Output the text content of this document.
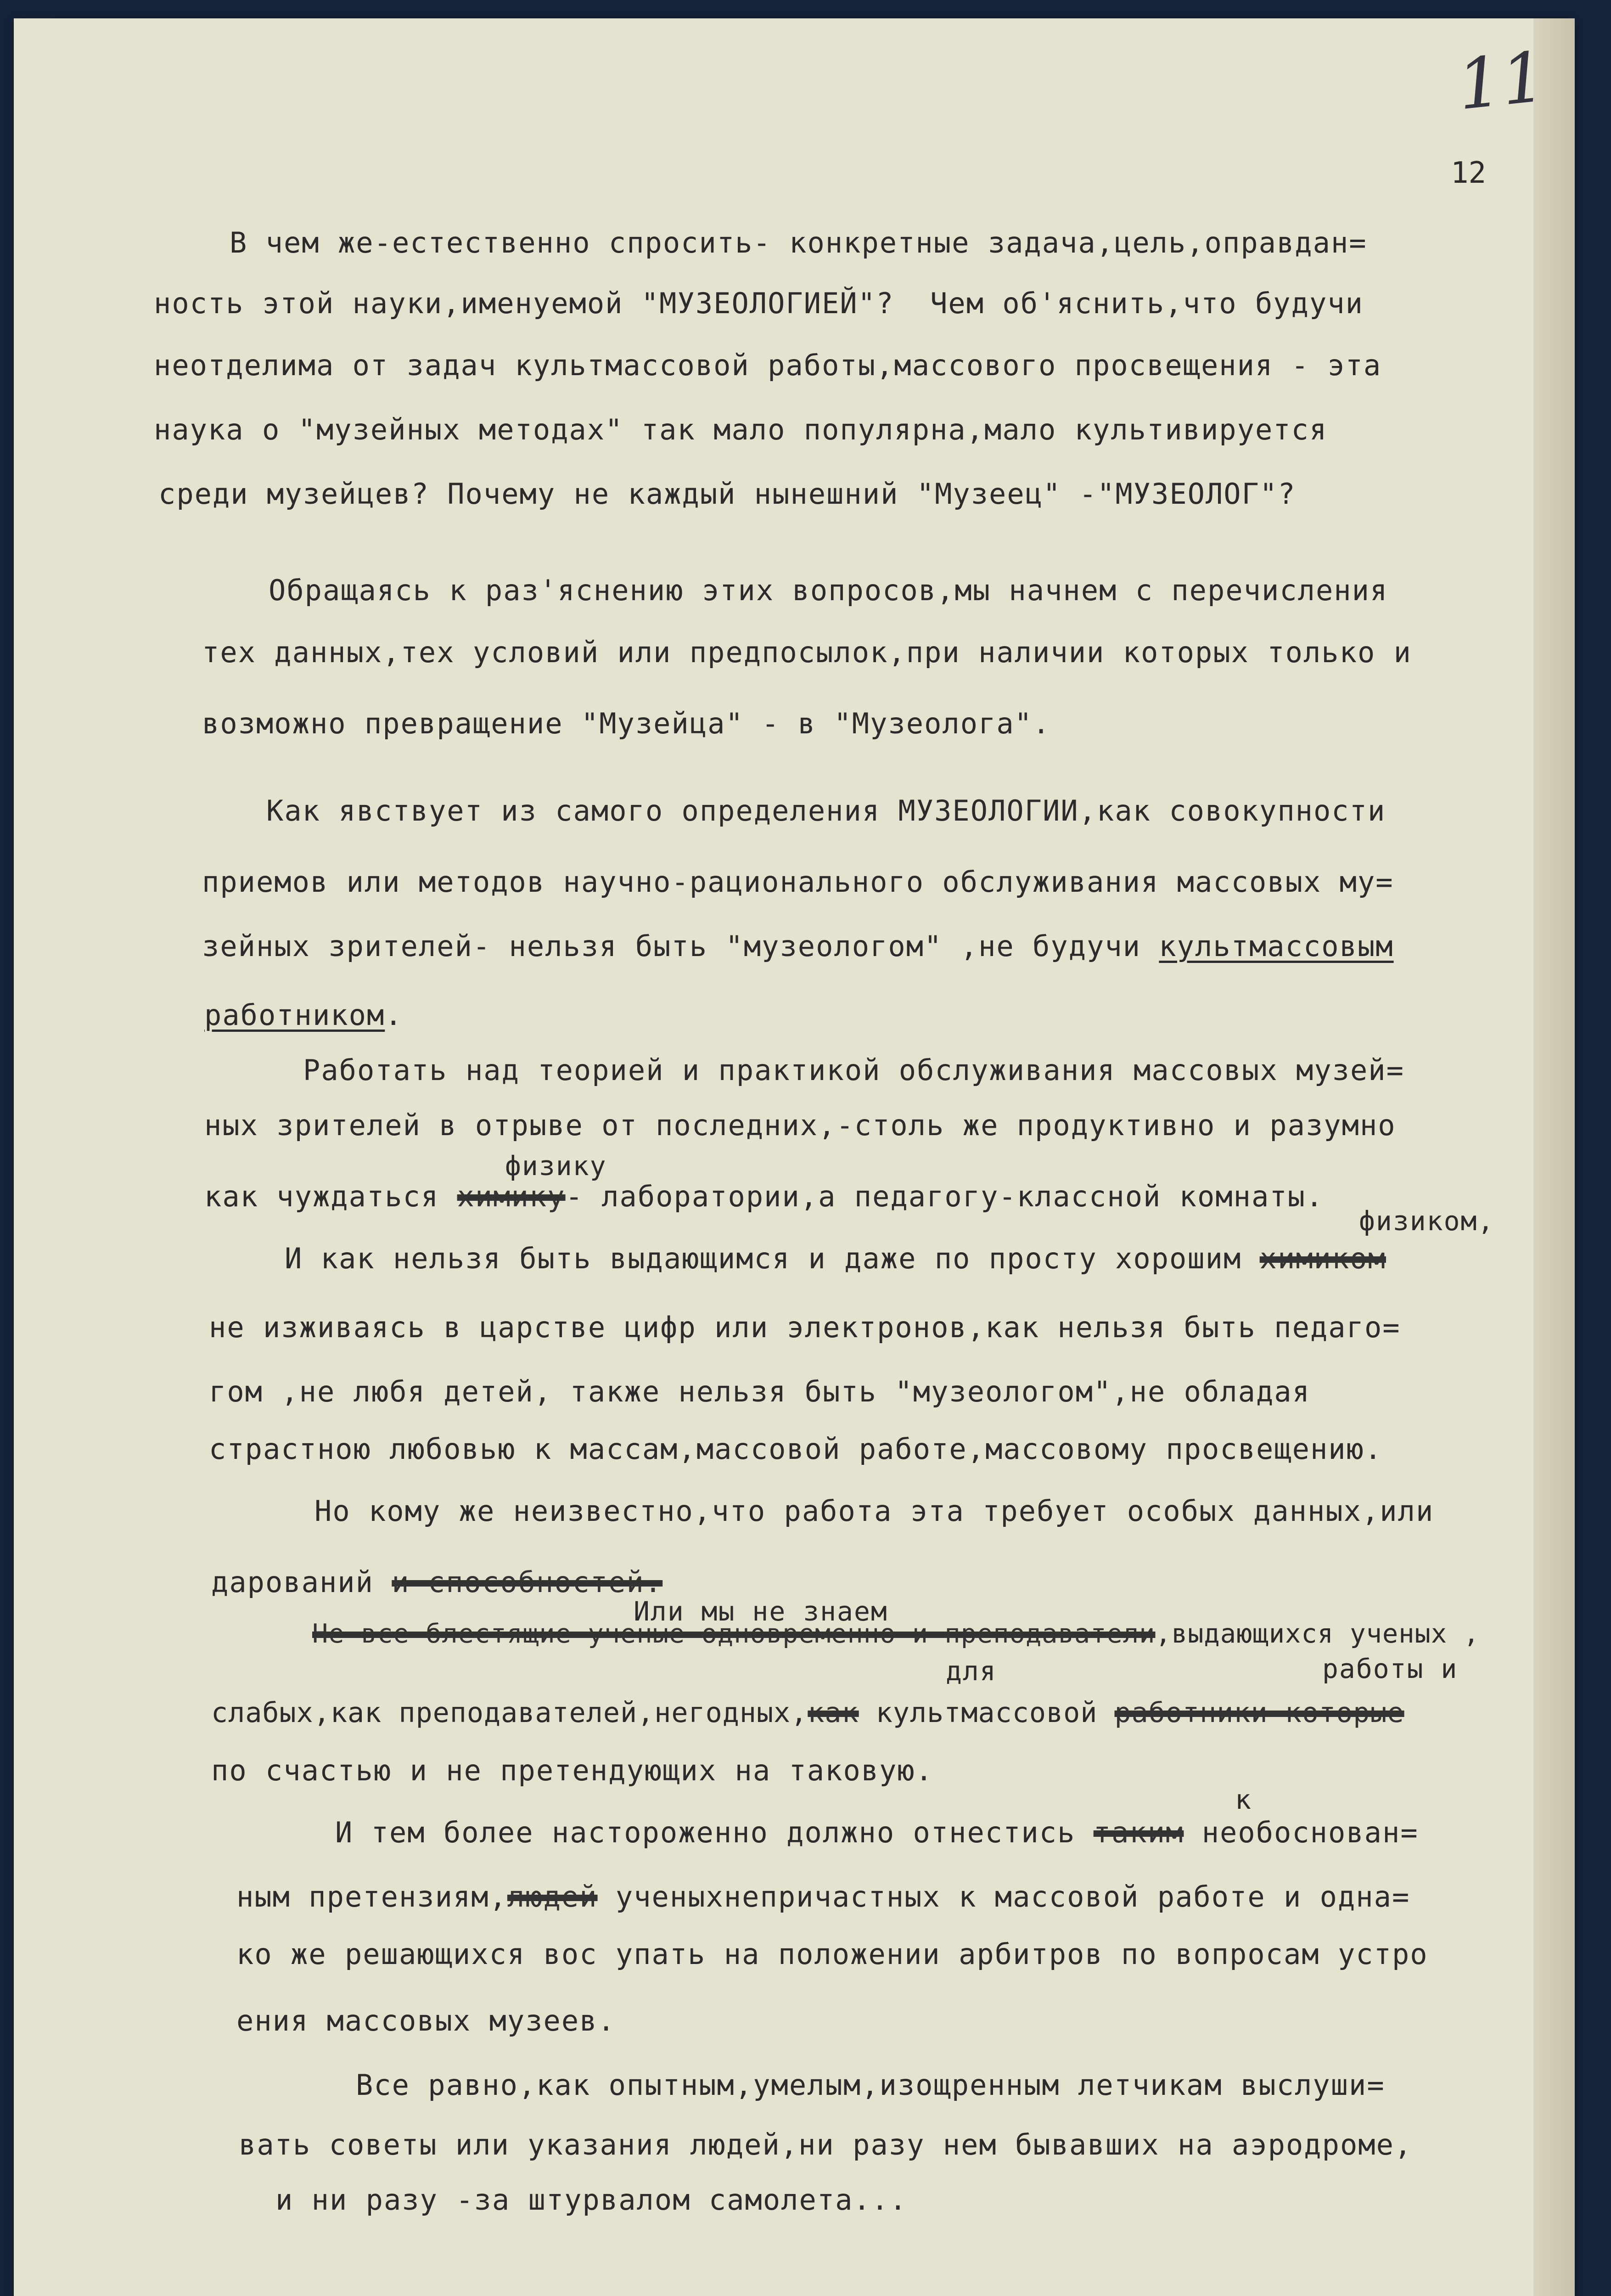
11
12
В чем же-естественно спросить- конкретные задача,цель,оправдан=
ность этой науки,именуемой "МУЗЕОЛОГИЕЙ"?  Чем об'яснить,что будучи
неотделима от задач культмассовой работы,массового просвещения - эта
наука о "музейных методах" так мало популярна,мало культивируется
среди музейцев? Почему не каждый нынешний "Музеец" -"МУЗЕОЛОГ"?
Обращаясь к раз'яснению этих вопросов,мы начнем с перечисления
тех данных,тех условий или предпосылок,при наличии которых только и
возможно превращение "Музейца" - в "Музеолога".
Как явствует из самого определения МУЗЕОЛОГИИ,как совокупности
приемов или методов научно-рационального обслуживания массовых му=
зейных зрителей- нельзя быть "музеологом" ,не будучи культмассовым
работником.
Работать над теорией и практикой обслуживания массовых музей=
ных зрителей в отрыве от последних,-столь же продуктивно и разумно
физику
как чуждаться химику- лаборатории,а педагогу-классной комнаты.
физиком,
И как нельзя быть выдающимся и даже по просту хорошим химиком
не изживаясь в царстве цифр или электронов,как нельзя быть педаго=
гом ,не любя детей, также нельзя быть "музеологом",не обладая
страстною любовью к массам,массовой работе,массовому просвещению.
Но кому же неизвестно,что работа эта требует особых данных,или
дарований и способностей.
Или мы не знаем
Не все блестящие ученые одновременно и преподаватели,выдающихся ученых ,
для	работы и
слабых,как преподавателей,негодных,как культмассовой работники которые
по счастью и не претендующих на таковую.
к
И тем более настороженно должно отнестись таким необоснован=
ным претензиям,людей ученыхнепричастных к массовой работе и одна=
ко же решающихся вос упать на положении арбитров по вопросам устро
ения массовых музеев.
Все равно,как опытным,умелым,изощренным летчикам выслуши=
вать советы или указания людей,ни разу нем бывавших на аэродроме,
и ни разу -за штурвалом самолета...
